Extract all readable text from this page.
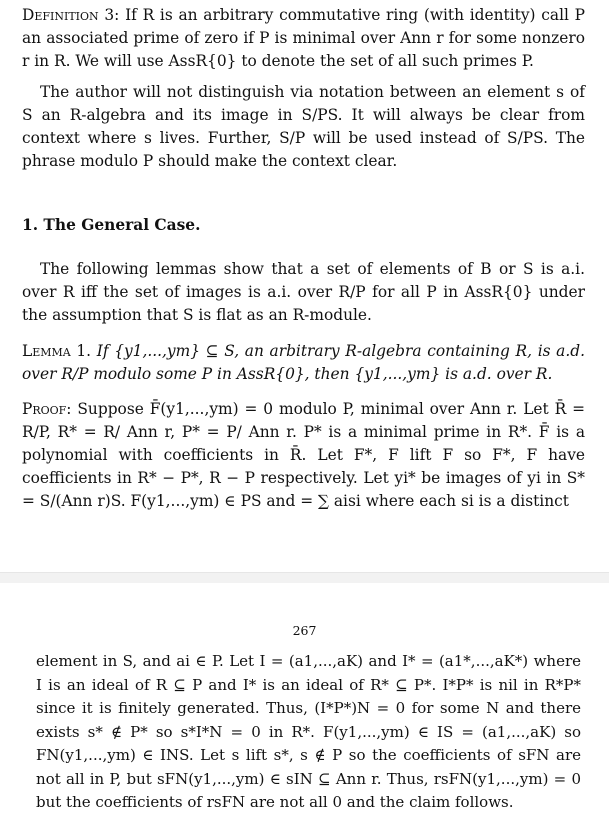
Definition 3: If R is an arbitrary commutative ring (with identity) call P an associated prime of zero if P is minimal over Ann r for some nonzero r in R. We will use AssR{0} to denote the set of all such primes P.

The author will not distinguish via notation between an element s of S an R-algebra and its image in S/PS. It will always be clear from context where s lives. Further, S/P will be used instead of S/PS. The phrase modulo P should make the context clear.

1. The General Case.

The following lemmas show that a set of elements of B or S is a.i. over R iff the set of images is a.i. over R/P for all P in AssR{0} under the assumption that S is flat as an R-module.

Lemma 1. If {y1,...,ym} ⊆ S, an arbitrary R-algebra containing R, is a.d. over R/P modulo some P in AssR{0}, then {y1,...,ym} is a.d. over R.

Proof: Suppose F̄(y1,...,ym) = 0 modulo P, minimal over Ann r. Let R̄ = R/P, R* = R/ Ann r, P* = P/ Ann r. P* is a minimal prime in R*. F̄ is a polynomial with coefficients in R̄. Let F*, F lift F so F*, F have coefficients in R* − P*, R − P respectively. Let yi* be images of yi in S* = S/(Ann r)S. F(y1,...,ym) ∈ PS and = ∑ aisi where each si is a distinct

267

element in S, and ai ∈ P. Let I = (a1,...,aK) and I* = (a1*,...,aK*) where I is an ideal of R ⊆ P and I* is an ideal of R* ⊆ P*. I*P* is nil in R*P* since it is finitely generated. Thus, (I*P*)N = 0 for some N and there exists s* ∉ P* so s*I*N = 0 in R*. F(y1,...,ym) ∈ IS = (a1,...,aK) so FN(y1,...,ym) ∈ INS. Let s lift s*, s ∉ P so the coefficients of sFN are not all in P, but sFN(y1,...,ym) ∈ sIN ⊆ Ann r. Thus, rsFN(y1,...,ym) = 0 but the coefficients of rsFN are not all 0 and the claim follows.
